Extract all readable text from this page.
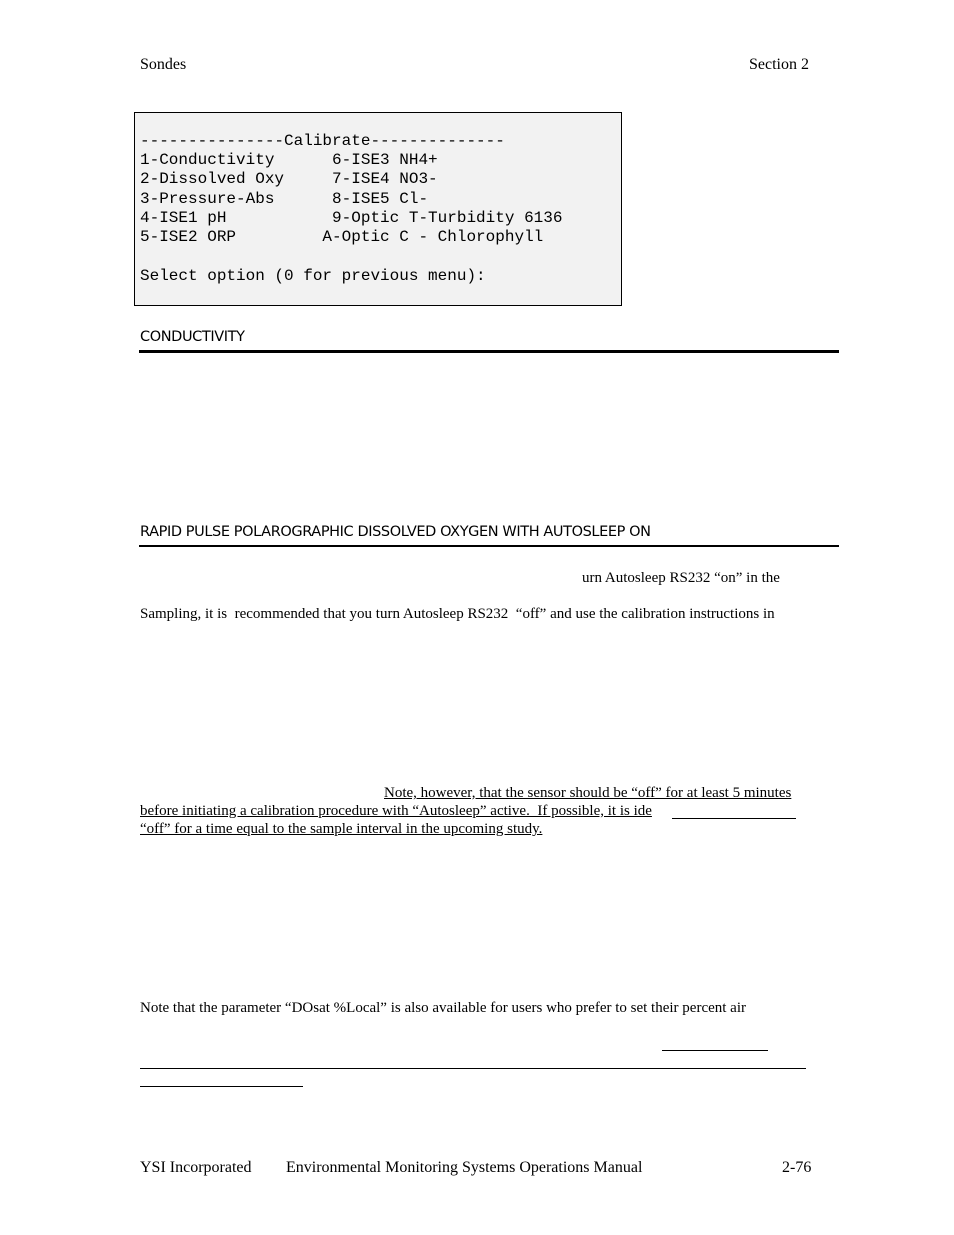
Sondes	Section 2
---------------Calibrate--------------
1-Conductivity      6-ISE3 NH4+
2-Dissolved Oxy     7-ISE4 NO3-
3-Pressure-Abs      8-ISE5 Cl-
4-ISE1 pH           9-Optic T-Turbidity 6136
5-ISE2 ORP         A-Optic C - Chlorophyll
Select option (0 for previous menu):
CONDUCTIVITY
RAPID PULSE POLAROGRAPHIC DISSOLVED OXYGEN WITH AUTOSLEEP ON
urn Autosleep RS232 “on” in the
Sampling, it is  recommended that you turn Autosleep RS232  “off” and use the calibration instructions in
Note, however, that the sensor should be “off” for at least 5 minutes
before initiating a calibration procedure with “Autosleep” active.  If possible, it is ide
“off” for a time equal to the sample interval in the upcoming study.
Note that the parameter “DOsat %Local” is also available for users who prefer to set their percent air
YSI Incorporated Environmental Monitoring Systems Operations Manual	2-76
